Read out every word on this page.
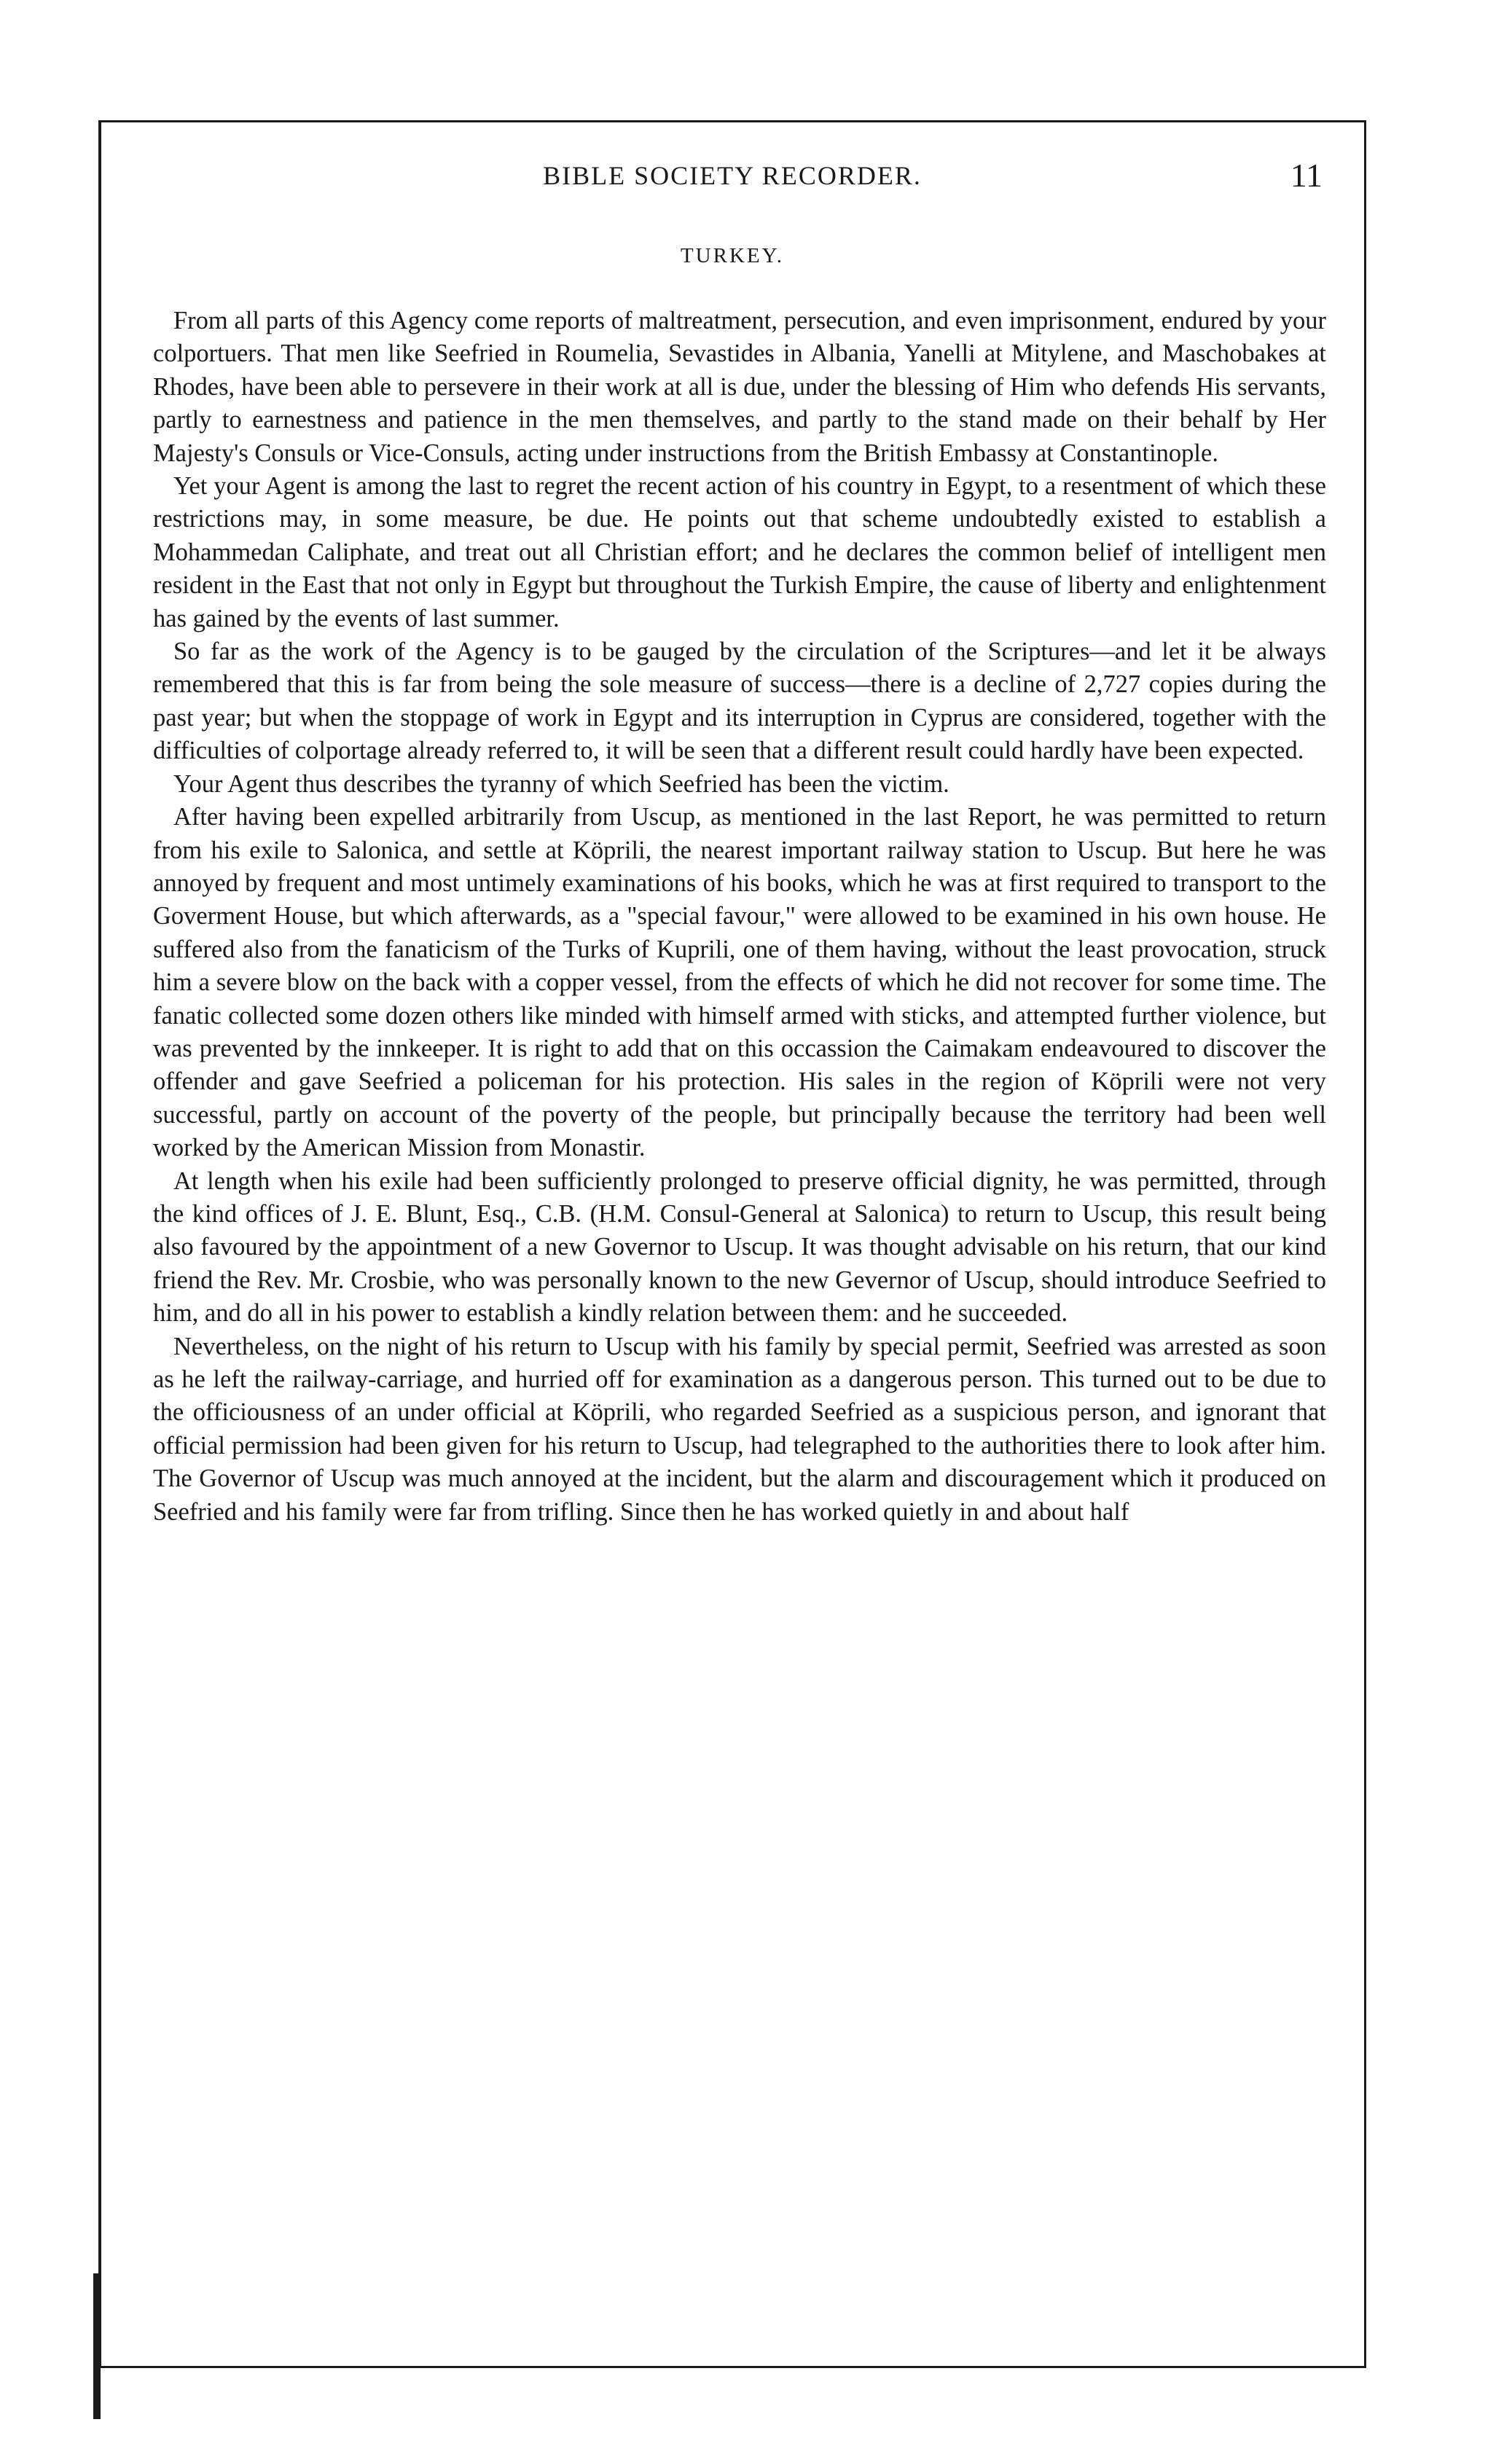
BIBLE SOCIETY RECORDER.	11
TURKEY.

From all parts of this Agency come reports of maltreatment, persecution, and even imprisonment, endured by your colportuers. That men like Seefried in Roumelia, Sevastides in Albania, Yanelli at Mitylene, and Maschobakes at Rhodes, have been able to persevere in their work at all is due, under the blessing of Him who defends His servants, partly to earnestness and patience in the men themselves, and partly to the stand made on their behalf by Her Majesty's Consuls or Vice-Consuls, acting under instructions from the British Embassy at Constantinople.

Yet your Agent is among the last to regret the recent action of his country in Egypt, to a resentment of which these restrictions may, in some measure, be due. He points out that scheme undoubtedly existed to establish a Mohammedan Caliphate, and treat out all Christian effort; and he declares the common belief of intelligent men resident in the East that not only in Egypt but throughout the Turkish Empire, the cause of liberty and enlightenment has gained by the events of last summer.

So far as the work of the Agency is to be gauged by the circulation of the Scriptures—and let it be always remembered that this is far from being the sole measure of success—there is a decline of 2,727 copies during the past year; but when the stoppage of work in Egypt and its interruption in Cyprus are considered, together with the difficulties of colportage already referred to, it will be seen that a different result could hardly have been expected.

Your Agent thus describes the tyranny of which Seefried has been the victim.

After having been expelled arbitrarily from Uscup, as mentioned in the last Report, he was permitted to return from his exile to Salonica, and settle at Köprili, the nearest important railway station to Uscup. But here he was annoyed by frequent and most untimely examinations of his books, which he was at first required to transport to the Goverment House, but which afterwards, as a "special favour," were allowed to be examined in his own house. He suffered also from the fanaticism of the Turks of Kuprili, one of them having, without the least provocation, struck him a severe blow on the back with a copper vessel, from the effects of which he did not recover for some time. The fanatic collected some dozen others like minded with himself armed with sticks, and attempted further violence, but was prevented by the innkeeper. It is right to add that on this occassion the Caimakam endeavoured to discover the offender and gave Seefried a policeman for his protection. His sales in the region of Köprili were not very successful, partly on account of the poverty of the people, but principally because the territory had been well worked by the American Mission from Monastir.

At length when his exile had been sufficiently prolonged to preserve official dignity, he was permitted, through the kind offices of J. E. Blunt, Esq., C.B. (H.M. Consul-General at Salonica) to return to Uscup, this result being also favoured by the appointment of a new Governor to Uscup. It was thought advisable on his return, that our kind friend the Rev. Mr. Crosbie, who was personally known to the new Gevernor of Uscup, should introduce Seefried to him, and do all in his power to establish a kindly relation between them: and he succeeded.

Nevertheless, on the night of his return to Uscup with his family by special permit, Seefried was arrested as soon as he left the railway-carriage, and hurried off for examination as a dangerous person. This turned out to be due to the officiousness of an under official at Köprili, who regarded Seefried as a suspicious person, and ignorant that official permission had been given for his return to Uscup, had telegraphed to the authorities there to look after him. The Governor of Uscup was much annoyed at the incident, but the alarm and discouragement which it produced on Seefried and his family were far from trifling. Since then he has worked quietly in and about half
